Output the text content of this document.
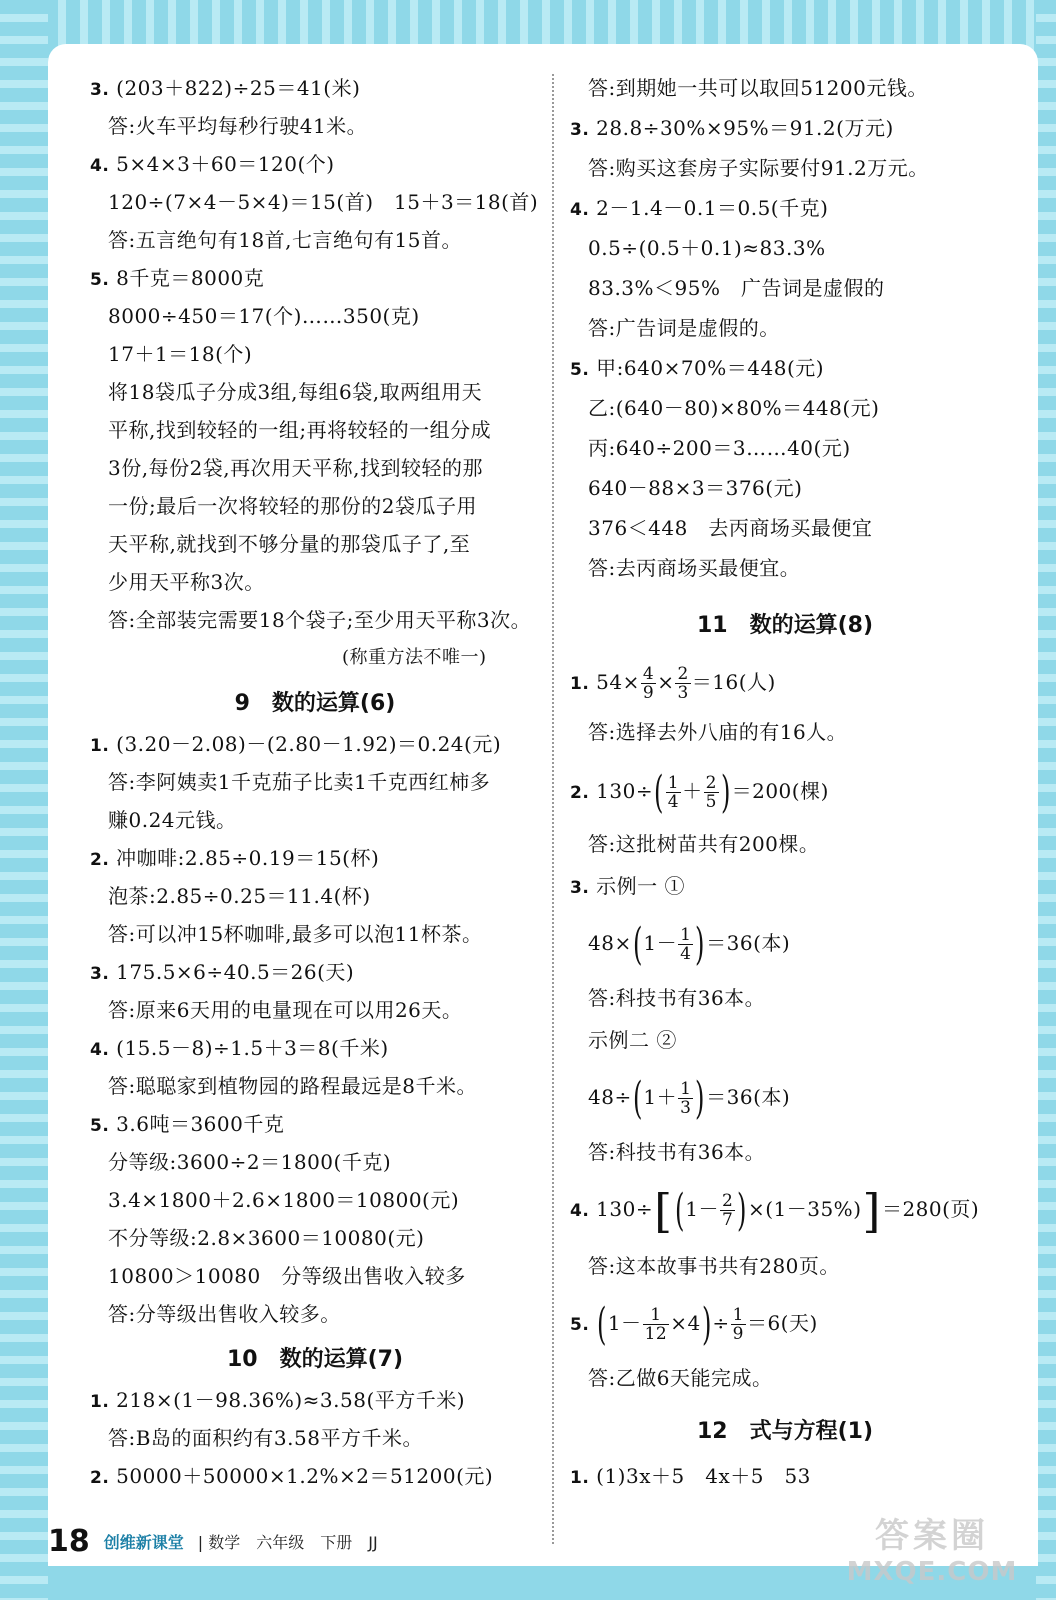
3. (203＋822)÷25＝41(米)
答:火车平均每秒行驶41米。
4. 5×4×3＋60＝120(个)
120÷(7×4－5×4)＝15(首)　15＋3＝18(首)
答:五言绝句有18首,七言绝句有15首。
5. 8千克＝8000克
8000÷450＝17(个)……350(克)
17＋1＝18(个)
将18袋瓜子分成3组,每组6袋,取两组用天
平称,找到较轻的一组;再将较轻的一组分成
3份,每份2袋,再次用天平称,找到较轻的那
一份;最后一次将较轻的那份的2袋瓜子用
天平称,就找到不够分量的那袋瓜子了,至
少用天平称3次。
答:全部装完需要18个袋子;至少用天平称3次。
(称重方法不唯一)
9　数的运算(6)
1. (3.20－2.08)－(2.80－1.92)＝0.24(元)
答:李阿姨卖1千克茄子比卖1千克西红柿多
赚0.24元钱。
2. 冲咖啡:2.85÷0.19＝15(杯)
泡茶:2.85÷0.25＝11.4(杯)
答:可以冲15杯咖啡,最多可以泡11杯茶。
3. 175.5×6÷40.5＝26(天)
答:原来6天用的电量现在可以用26天。
4. (15.5－8)÷1.5＋3＝8(千米)
答:聪聪家到植物园的路程最远是8千米。
5. 3.6吨＝3600千克
分等级:3600÷2＝1800(千克)
3.4×1800＋2.6×1800＝10800(元)
不分等级:2.8×3600＝10080(元)
10800＞10080　分等级出售收入较多
答:分等级出售收入较多。
10　数的运算(7)
1. 218×(1－98.36%)≈3.58(平方千米)
答:B岛的面积约有3.58平方千米。
2. 50000＋50000×1.2%×2＝51200(元)
答:到期她一共可以取回51200元钱。
3. 28.8÷30%×95%＝91.2(万元)
答:购买这套房子实际要付91.2万元。
4. 2－1.4－0.1＝0.5(千克)
0.5÷(0.5＋0.1)≈83.3%
83.3%＜95%　广告词是虚假的
答:广告词是虚假的。
5. 甲:640×70%＝448(元)
乙:(640－80)×80%＝448(元)
丙:640÷200＝3……40(元)
640－88×3＝376(元)
376＜448　去丙商场买最便宜
答:去丙商场买最便宜。
11　数的运算(8)
1. $54\times \frac{4}{9} \times \frac{2}{3} =16$(人)
答:选择去外八庙的有16人。
2. $130\div( \frac{1}{4} + \frac{2}{5} )=200$(棵)
答:这批树苗共有200棵。
3. 示例一 ①
$48\times(1- \frac{1}{4} )=36$(本)
答:科技书有36本。
示例二 ②
$48\div(1+ \frac{1}{3} )=36$(本)
答:科技书有36本。
4. $130\div[(1- \frac{2}{7} )\times(1-35\%)]=280$(页)
答:这本故事书共有280页。
5. $(1- \frac{1}{12} \times 4)\div \frac{1}{9} =6$(天)
答:乙做6天能完成。
12　式与方程(1)
1. (1)3x＋5　4x＋5　53
18 创维新课堂 | 数学　六年级　下册　JJ	答案圈
MXQE.COM
